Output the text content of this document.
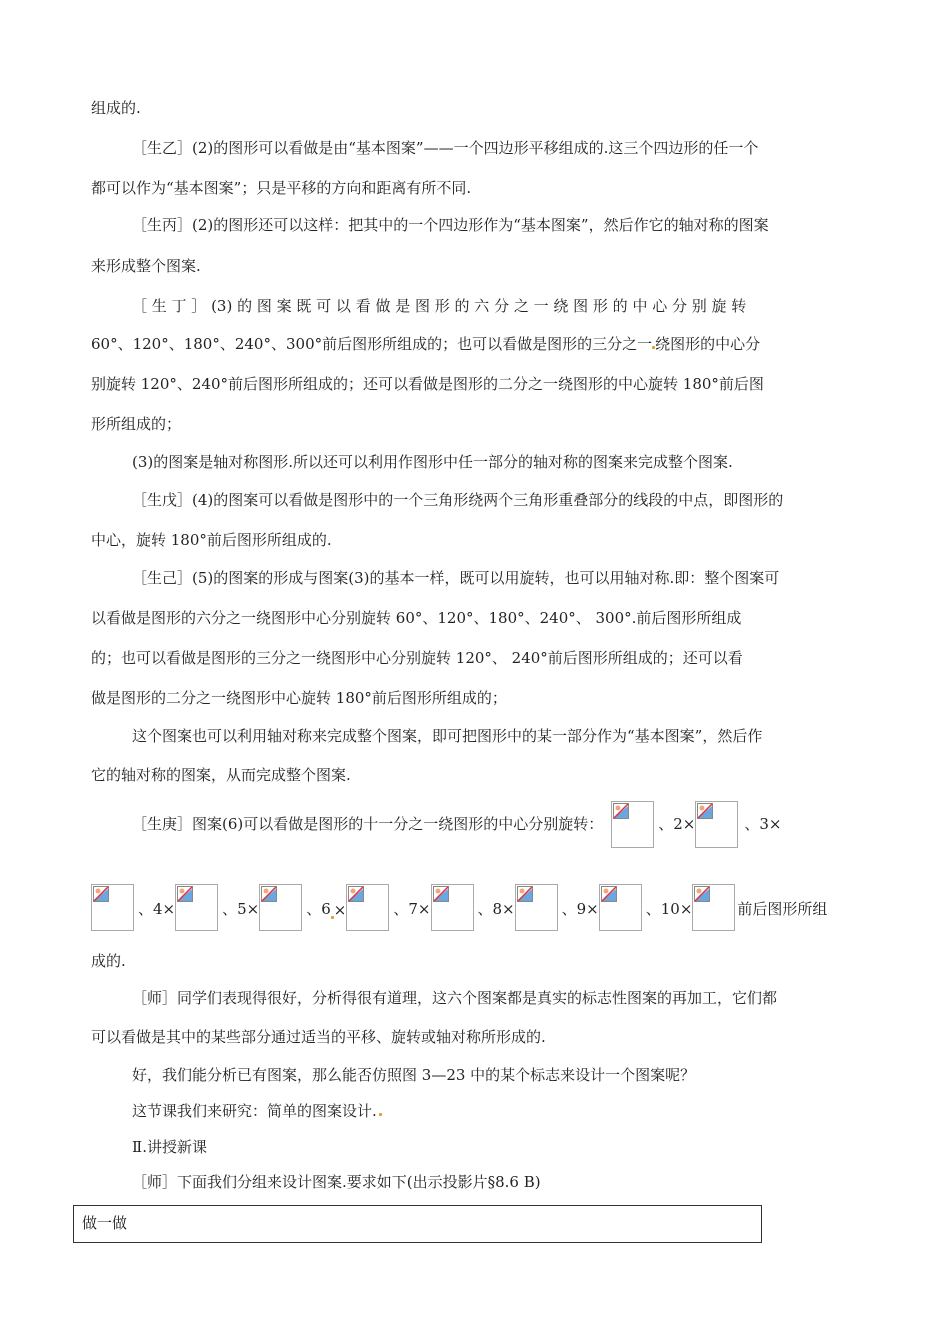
组成的.
［生乙］(2)的图形可以看做是由“基本图案”——一个四边形平移组成的.这三个四边形的任一个
都可以作为“基本图案”；只是平移的方向和距离有所不同.
［生丙］(2)的图形还可以这样：把其中的一个四边形作为“基本图案”，然后作它的轴对称的图案
来形成整个图案.
［ 生 丁 ］ (3) 的 图 案 既 可 以 看 做 是 图 形 的 六 分 之 一 绕 图 形 的 中 心 分 别 旋 转
60°、120°、180°、240°、300°前后图形所组成的；也可以看做是图形的三分之一 绕图形的中心分
别旋转 120°、240°前后图形所组成的；还可以看做是图形的二分之一绕图形的中心旋转 180°前后图
形所组成的；
(3)的图案是轴对称图形.所以还可以利用作图形中任一部分的轴对称的图案来完成整个图案.
［生戊］(4)的图案可以看做是图形中的一个三角形绕两个三角形重叠部分的线段的中点，即图形的
中心，旋转 180°前后图形所组成的.
［生己］(5)的图案的形成与图案(3)的基本一样，既可以用旋转，也可以用轴对称.即：整个图案可
以看做是图形的六分之一绕图形中心分别旋转 60°、120°、180°、240°、 300°.前后图形所组成
的；也可以看做是图形的三分之一绕图形中心分别旋转 120°、 240°前后图形所组成的；还可以看
做是图形的二分之一绕图形中心旋转 180°前后图形所组成的；
这个图案也可以利用轴对称来完成整个图案，即可把图形中的某一部分作为“基本图案”，然后作
它的轴对称的图案，从而完成整个图案.
［生庚］图案(6)可以看做是图形的十一分之一绕图形的中心分别旋转：	、2×	、3×
、4×	、5×	、6 ×	、7×	、8×	、9×	、10×	前后图形所组
成的.
［师］同学们表现得很好，分析得很有道理，这六个图案都是真实的标志性图案的再加工，它们都
可以看做是其中的某些部分通过适当的平移、旋转或轴对称所形成的.
好，我们能分析已有图案，那么能否仿照图 3—23 中的某个标志来设计一个图案呢？
这节课我们来研究：简单的图案设计.
Ⅱ.讲授新课
［师］下面我们分组来设计图案.要求如下(出示投影片§8.6 B)
做一做
